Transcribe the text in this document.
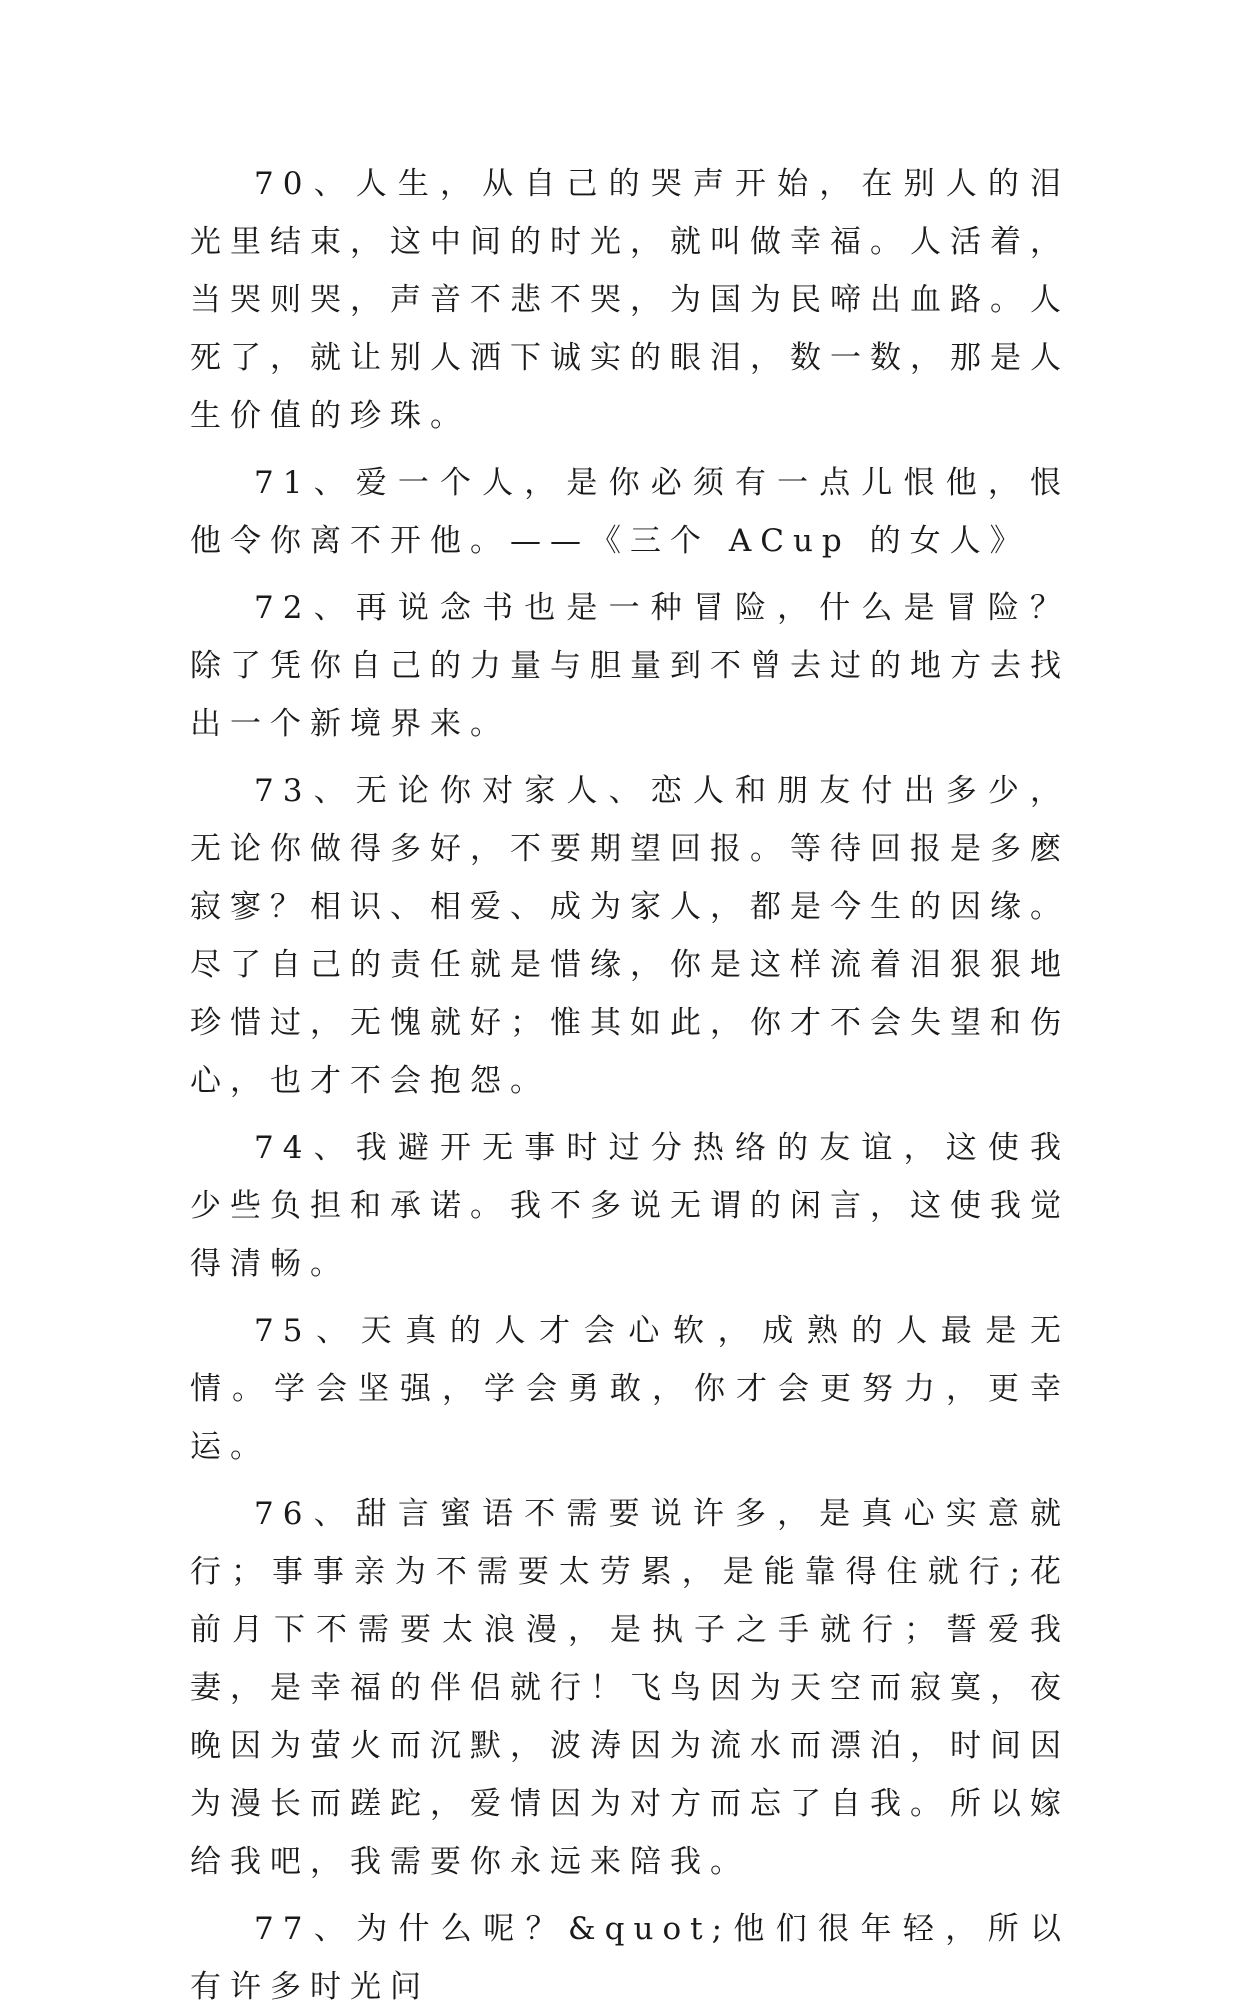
70、人生，从自己的哭声开始，在别人的泪光里结束，这中间的时光，就叫做幸福。人活着，当哭则哭，声音不悲不哭，为国为民啼出血路。人死了，就让别人洒下诚实的眼泪，数一数，那是人生价值的珍珠。

71、爱一个人，是你必须有一点儿恨他，恨他令你离不开他。——《三个 ACup 的女人》

72、再说念书也是一种冒险，什么是冒险？除了凭你自己的力量与胆量到不曾去过的地方去找出一个新境界来。

73、无论你对家人、恋人和朋友付出多少，无论你做得多好，不要期望回报。等待回报是多麽寂寥？相识、相爱、成为家人，都是今生的因缘。尽了自己的责任就是惜缘，你是这样流着泪狠狠地珍惜过，无愧就好；惟其如此，你才不会失望和伤心，也才不会抱怨。

74、我避开无事时过分热络的友谊，这使我少些负担和承诺。我不多说无谓的闲言，这使我觉得清畅。

75、天真的人才会心软，成熟的人最是无情。学会坚强，学会勇敢，你才会更努力，更幸运。

76、甜言蜜语不需要说许多，是真心实意就行；事事亲为不需要太劳累，是能靠得住就行;花前月下不需要太浪漫，是执子之手就行；誓爱我妻，是幸福的伴侣就行！飞鸟因为天空而寂寞，夜晚因为萤火而沉默，波涛因为流水而漂泊，时间因为漫长而蹉跎，爱情因为对方而忘了自我。所以嫁给我吧，我需要你永远来陪我。

77、为什么呢？&quot;他们很年轻，所以有许多时光问
